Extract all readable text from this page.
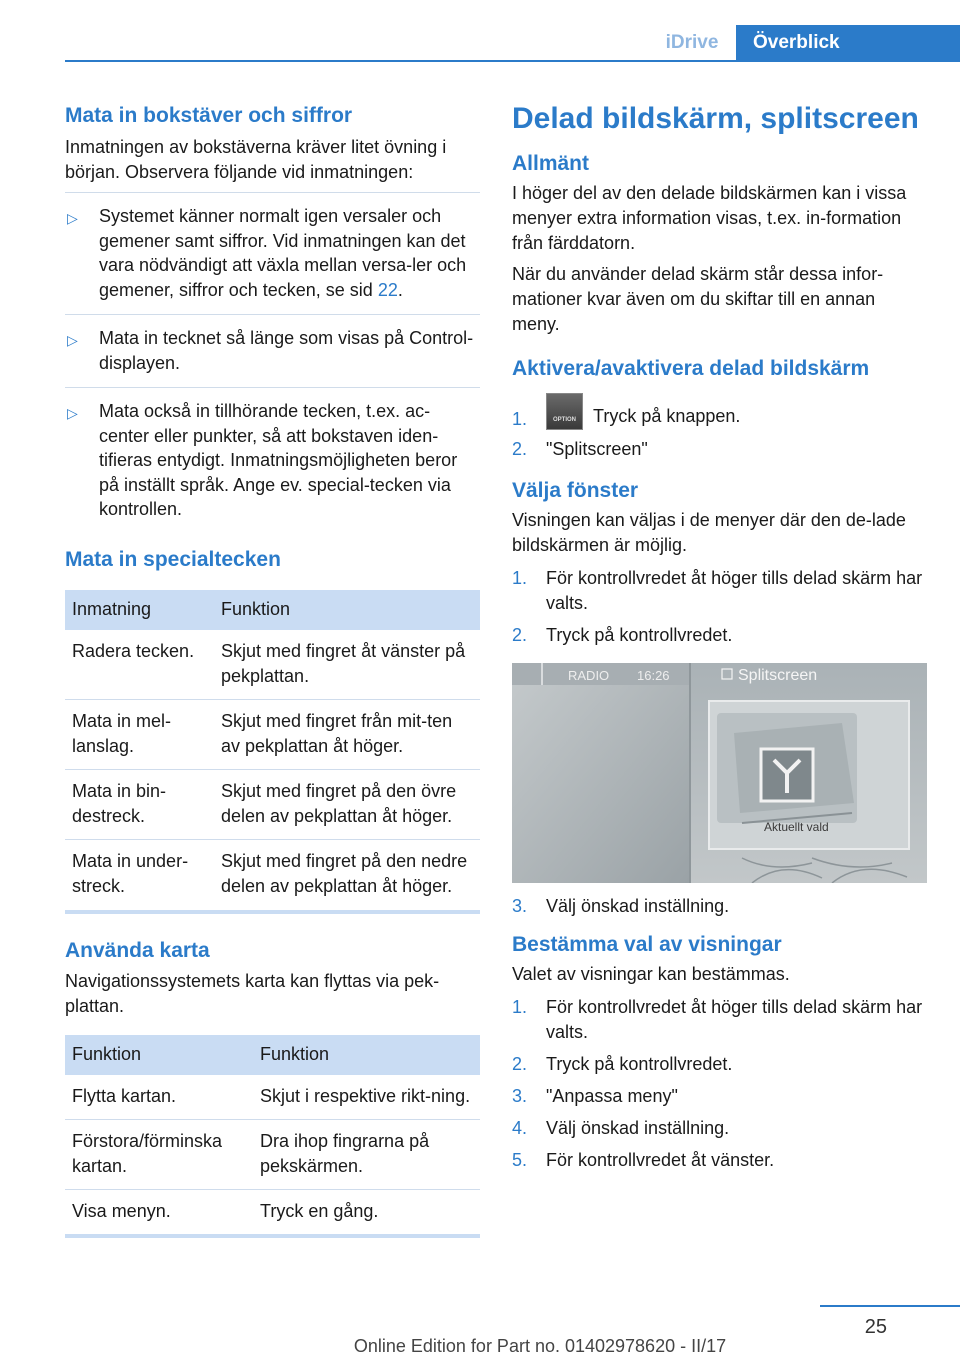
iDrive	Överblick
Mata in bokstäver och siffror
Inmatningen av bokstäverna kräver litet övning i början. Observera följande vid inmatningen:
▷ Systemet känner normalt igen versaler och gemener samt siffror. Vid inmatningen kan det vara nödvändigt att växla mellan versa-ler och gemener, siffror och tecken, se sid 22.
▷ Mata in tecknet så länge som visas på Control-displayen.
▷ Mata också in tillhörande tecken, t.ex. ac-center eller punkter, så att bokstaven iden-tifieras entydigt. Inmatningsmöjligheten beror på inställt språk. Ange ev. special-tecken via kontrollen.
Mata in specialtecken
Inmatning	Funktion
Radera tecken.	Skjut med fingret åt vänster på pekplattan.
Mata in mel-lanslag.	Skjut med fingret från mit-ten av pekplattan åt höger.
Mata in bin-destreck.	Skjut med fingret på den övre delen av pekplattan åt höger.
Mata in under-streck.	Skjut med fingret på den nedre delen av pekplattan åt höger.
Använda karta
Navigationssystemets karta kan flyttas via pek-plattan.
Funktion	Funktion
Flytta kartan.	Skjut i respektive rikt-ning.
Förstora/förminska kartan.	Dra ihop fingrarna på pekskärmen.
Visa menyn.	Tryck en gång.
Delad bildskärm, splitscreen
Allmänt
I höger del av den delade bildskärmen kan i vissa menyer extra information visas, t.ex. in-formation från färddatorn.
När du använder delad skärm står dessa infor-mationer kvar även om du skiftar till en annan meny.
Aktivera/avaktivera delad bildskärm
1.	OPTION Tryck på knappen.
2. "Splitscreen"
Välja fönster
Visningen kan väljas i de menyer där den de-lade bildskärmen är möjlig.
1. För kontrollvredet åt höger tills delad skärm har valts.
2. Tryck på kontrollvredet.
RADIO 16:26	Splitscreen
Aktuellt vald
3. Välj önskad inställning.
Bestämma val av visningar
Valet av visningar kan bestämmas.
1. För kontrollvredet åt höger tills delad skärm har valts.
2. Tryck på kontrollvredet.
3. "Anpassa meny"
4. Välj önskad inställning.
5. För kontrollvredet åt vänster.
25
Online Edition for Part no. 01402978620 - II/17
